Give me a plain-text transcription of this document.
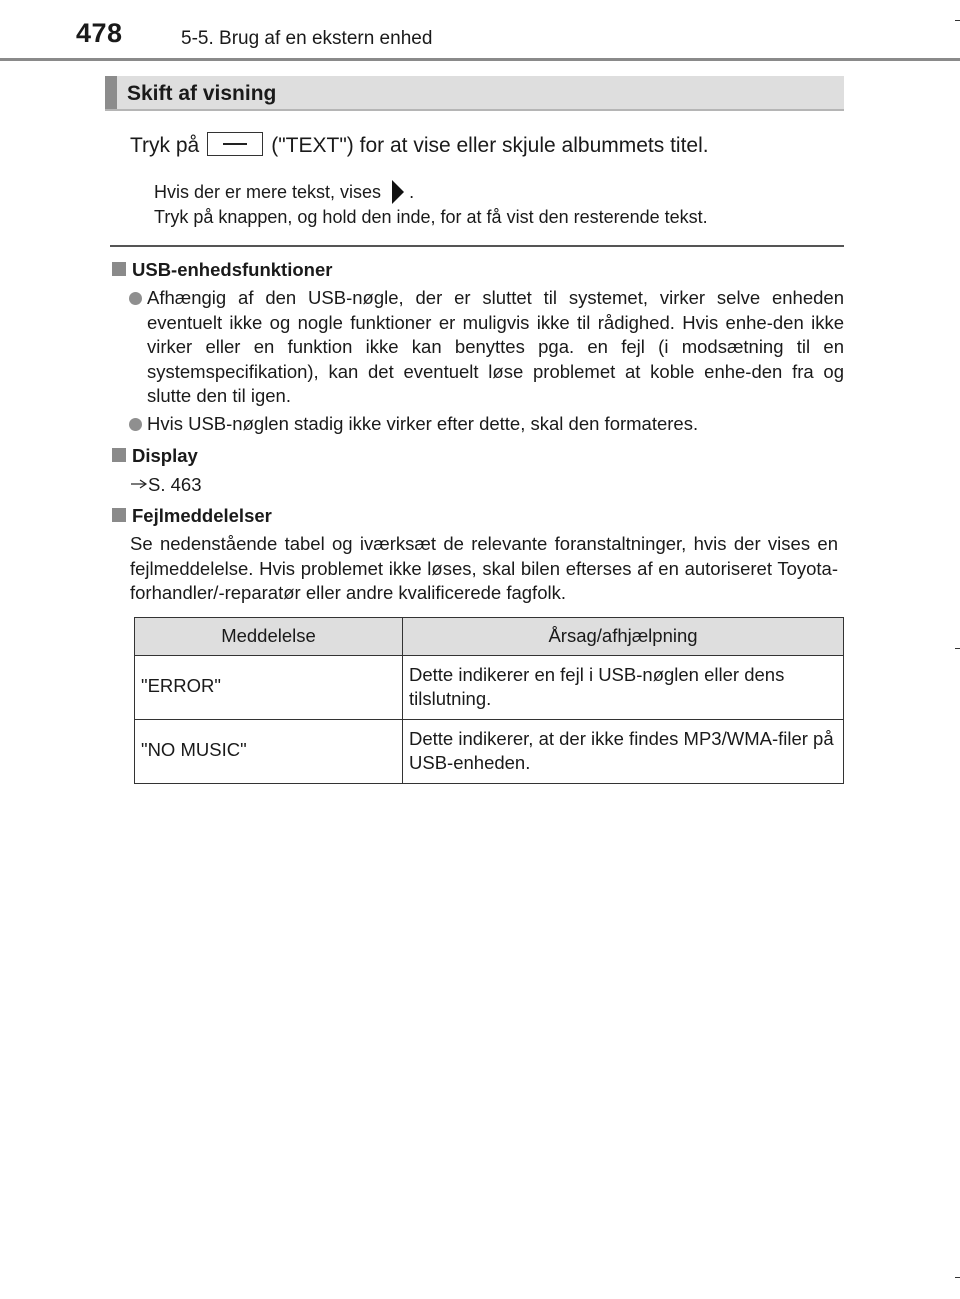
478	5-5. Brug af en ekstern enhed
Skift af visning
Tryk på	("TEXT") for at vise eller skjule albummets titel.
Hvis der er mere tekst, vises .
Tryk på knappen, og hold den inde, for at få vist den resterende tekst.
USB-enhedsfunktioner
Afhængig af den USB-nøgle, der er sluttet til systemet, virker selve enheden eventuelt ikke og nogle funktioner er muligvis ikke til rådighed. Hvis enhe-den ikke virker eller en funktion ikke kan benyttes pga. en fejl (i modsætning til en systemspecifikation), kan det eventuelt løse problemet at koble enhe-den fra og slutte den til igen.
Hvis USB-nøglen stadig ikke virker efter dette, skal den formateres.
Display
S. 463
Fejlmeddelelser
Se nedenstående tabel og iværksæt de relevante foranstaltninger, hvis der vises en fejlmeddelelse. Hvis problemet ikke løses, skal bilen efterses af en autoriseret Toyota-forhandler/-reparatør eller andre kvalificerede fagfolk.
Meddelelse	Årsag/afhjælpning
"ERROR"	Dette indikerer en fejl i USB-nøglen eller dens tilslutning.
"NO MUSIC"	Dette indikerer, at der ikke findes MP3/WMA-filer på USB-enheden.
